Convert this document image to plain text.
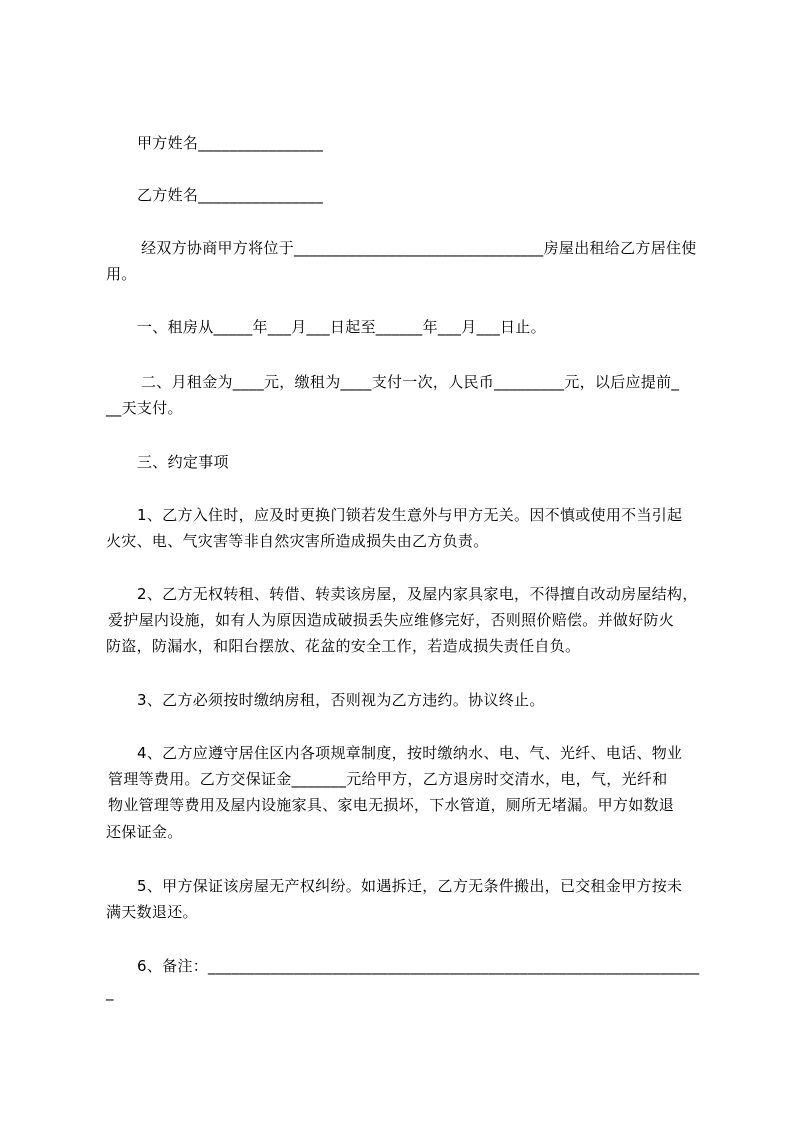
甲方姓名________________
乙方姓名________________
经双方协商甲方将位于________________________________房屋出租给乙方居住使
用。
一、租房从_____年___月___日起至______年___月___日止。
二、月租金为____元，缴租为____支付一次，人民币_________元，以后应提前_
__天支付。
三、约定事项
1、乙方入住时，应及时更换门锁若发生意外与甲方无关。因不慎或使用不当引起
火灾、电、气灾害等非自然灾害所造成损失由乙方负责。
2、乙方无权转租、转借、转卖该房屋，及屋内家具家电，不得擅自改动房屋结构，
爱护屋内设施，如有人为原因造成破损丢失应维修完好，否则照价赔偿。并做好防火
防盗，防漏水，和阳台摆放、花盆的安全工作，若造成损失责任自负。
3、乙方必须按时缴纳房租，否则视为乙方违约。协议终止。
4、乙方应遵守居住区内各项规章制度，按时缴纳水、电、气、光纤、电话、物业
管理等费用。乙方交保证金_______元给甲方，乙方退房时交清水，电，气，光纤和
物业管理等费用及屋内设施家具、家电无损坏，下水管道，厕所无堵漏。甲方如数退
还保证金。
5、甲方保证该房屋无产权纠纷。如遇拆迁，乙方无条件搬出，已交租金甲方按未
满天数退还。
6、备注：_______________________________________________________________
_
